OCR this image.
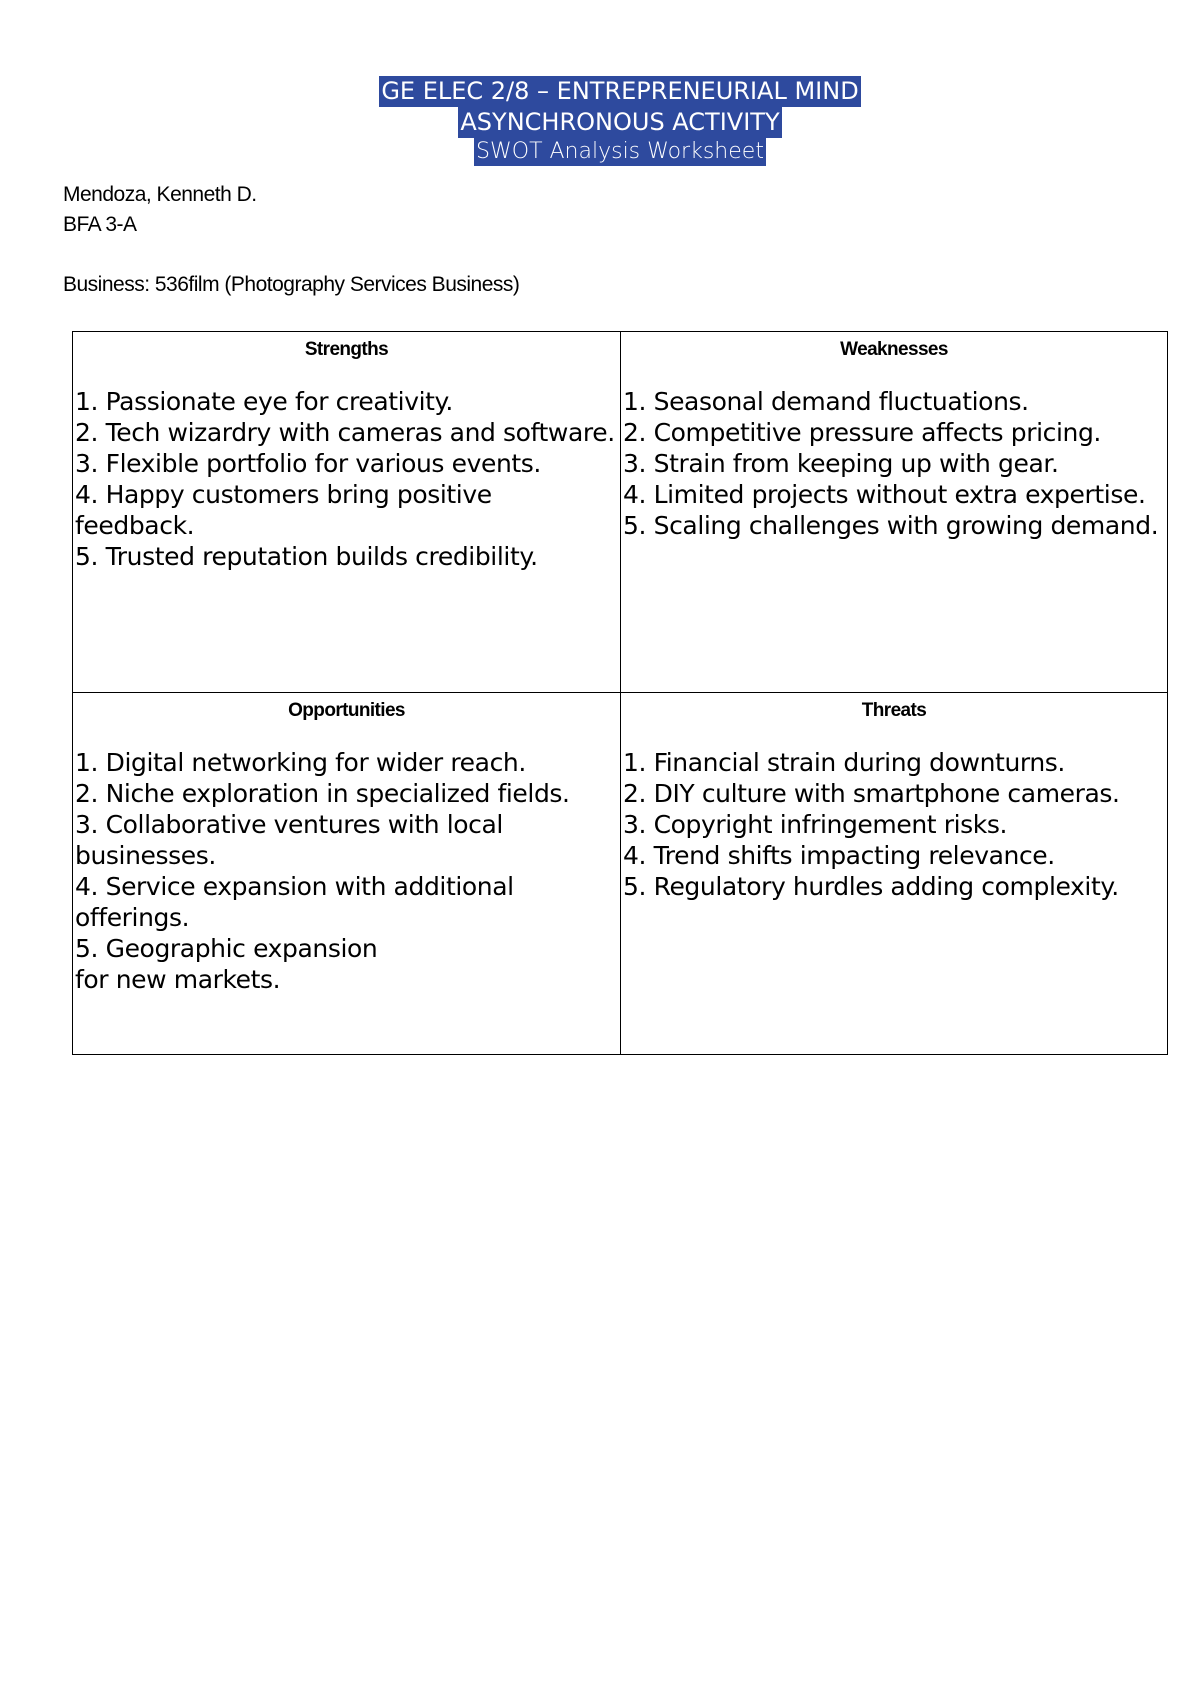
GE ELEC 2/8 – ENTREPRENEURIAL MIND
ASYNCHRONOUS ACTIVITY
SWOT Analysis Worksheet
Mendoza, Kenneth D.
BFA 3-A
Business: 536film (Photography Services Business)
Strengths
1. Passionate eye for creativity.
2. Tech wizardry with cameras and software.
3. Flexible portfolio for various events.
4. Happy customers bring positive feedback.
5. Trusted reputation builds credibility.
Weaknesses
1. Seasonal demand fluctuations.
2. Competitive pressure affects pricing.
3. Strain from keeping up with gear.
4. Limited projects without extra expertise.
5. Scaling challenges with growing demand.
Opportunities
1. Digital networking for wider reach.
2. Niche exploration in specialized fields.
3. Collaborative ventures with local businesses.
4. Service expansion with additional offerings.
5. Geographic expansion
for new markets.
Threats
1. Financial strain during downturns.
2. DIY culture with smartphone cameras.
3. Copyright infringement risks.
4. Trend shifts impacting relevance.
5. Regulatory hurdles adding complexity.
